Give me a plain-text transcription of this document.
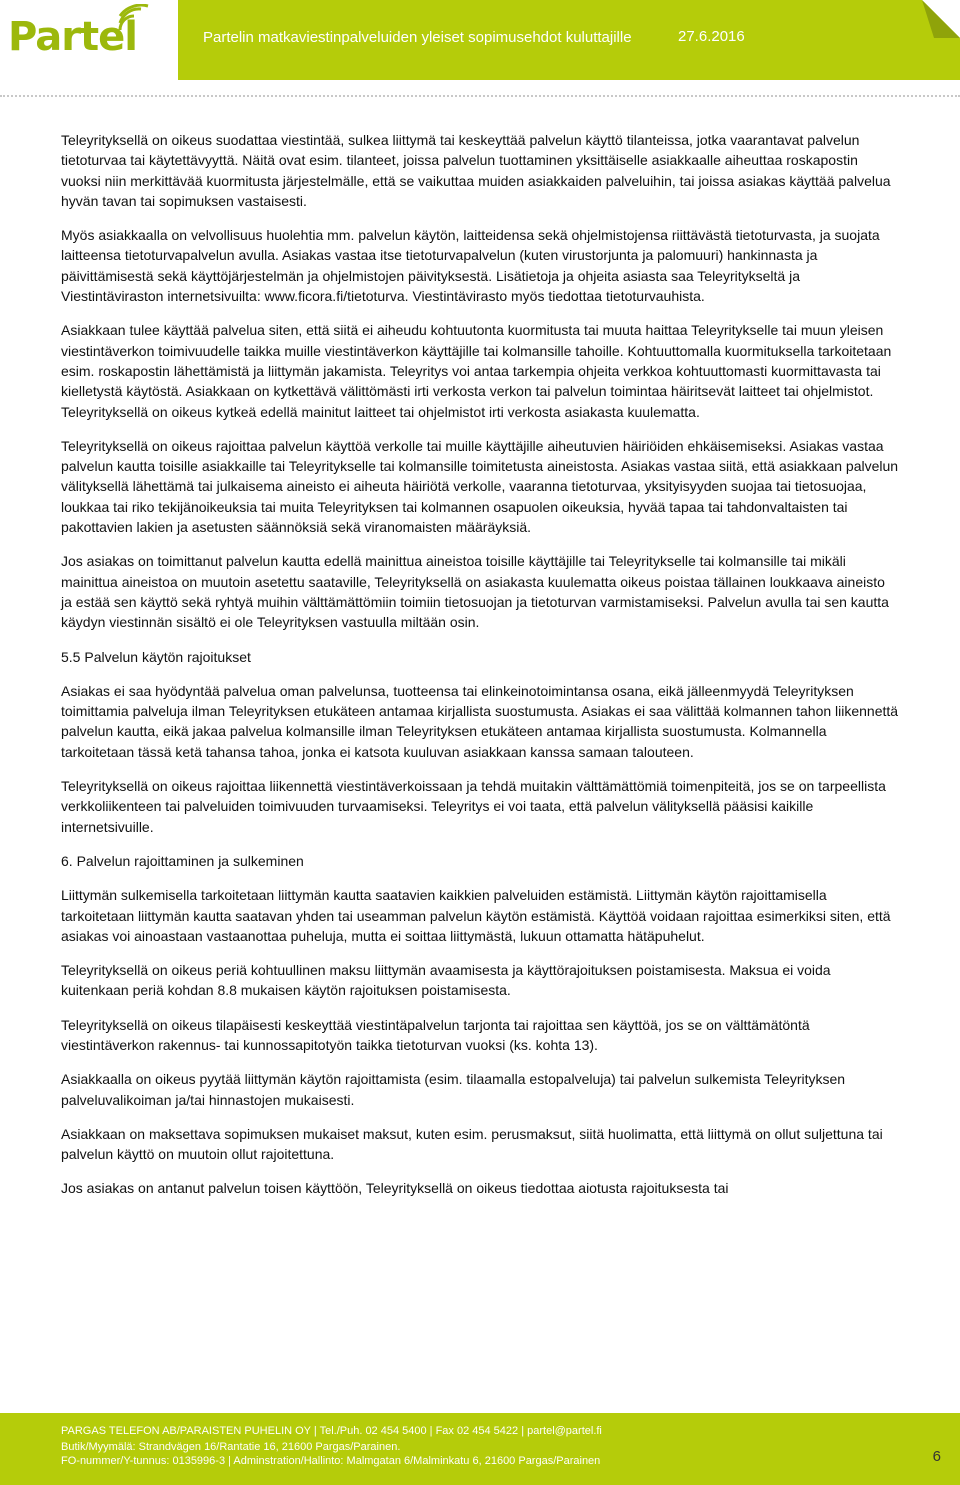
Partel	Partelin matkaviestinpalveluiden yleiset sopimusehdot kuluttajille	27.6.2016

Teleyrityksellä on oikeus suodattaa viestintää, sulkea liittymä tai keskeyttää palvelun käyttö tilanteissa, jotka vaarantavat palvelun tietoturvaa tai käytettävyyttä. Näitä ovat esim. tilanteet, joissa palvelun tuottaminen yksittäiselle asiakkaalle aiheuttaa roskapostin vuoksi niin merkittävää kuormitusta järjestelmälle, että se vaikuttaa muiden asiakkaiden palveluihin, tai joissa asiakas käyttää palvelua hyvän tavan tai sopimuksen vastaisesti.

Myös asiakkaalla on velvollisuus huolehtia mm. palvelun käytön, laitteidensa sekä ohjelmistojensa riittävästä tietoturvasta, ja suojata laitteensa tietoturvapalvelun avulla. Asiakas vastaa itse tietoturvapalvelun (kuten virustorjunta ja palomuuri) hankinnasta ja päivittämisestä sekä käyttöjärjestelmän ja ohjelmistojen päivityksestä. Lisätietoja ja ohjeita asiasta saa Teleyritykseltä ja Viestintäviraston internetsivuilta: www.ficora.fi/tietoturva. Viestintävirasto myös tiedottaa tietoturvauhista.

Asiakkaan tulee käyttää palvelua siten, että siitä ei aiheudu kohtuutonta kuormitusta tai muuta haittaa Teleyritykselle tai muun yleisen viestintäverkon toimivuudelle taikka muille viestintäverkon käyttäjille tai kolmansille tahoille. Kohtuuttomalla kuormituksella tarkoitetaan esim. roskapostin lähettämistä ja liittymän jakamista. Teleyritys voi antaa tarkempia ohjeita verkkoa kohtuuttomasti kuormittavasta tai kielletystä käytöstä. Asiakkaan on kytkettävä välittömästi irti verkosta verkon tai palvelun toimintaa häiritsevät laitteet tai ohjelmistot. Teleyrityksellä on oikeus kytkeä edellä mainitut laitteet tai ohjelmistot irti verkosta asiakasta kuulematta.

Teleyrityksellä on oikeus rajoittaa palvelun käyttöä verkolle tai muille käyttäjille aiheutuvien häiriöiden ehkäisemiseksi. Asiakas vastaa palvelun kautta toisille asiakkaille tai Teleyritykselle tai kolmansille toimitetusta aineistosta. Asiakas vastaa siitä, että asiakkaan palvelun välityksellä lähettämä tai julkaisema aineisto ei aiheuta häiriötä verkolle, vaaranna tietoturvaa, yksityisyyden suojaa tai tietosuojaa, loukkaa tai riko tekijänoikeuksia tai muita Teleyrityksen tai kolmannen osapuolen oikeuksia, hyvää tapaa tai tahdonvaltaisten tai pakottavien lakien ja asetusten säännöksiä sekä viranomaisten määräyksiä.

Jos asiakas on toimittanut palvelun kautta edellä mainittua aineistoa toisille käyttäjille tai Teleyritykselle tai kolmansille tai mikäli mainittua aineistoa on muutoin asetettu saataville, Teleyrityksellä on asiakasta kuulematta oikeus poistaa tällainen loukkaava aineisto ja estää sen käyttö sekä ryhtyä muihin välttämättömiin toimiin tietosuojan ja tietoturvan varmistamiseksi. Palvelun avulla tai sen kautta käydyn viestinnän sisältö ei ole Teleyrityksen vastuulla miltään osin.

5.5 Palvelun käytön rajoitukset

Asiakas ei saa hyödyntää palvelua oman palvelunsa, tuotteensa tai elinkeinotoimintansa osana, eikä jälleenmyydä Teleyrityksen toimittamia palveluja ilman Teleyrityksen etukäteen antamaa kirjallista suostumusta. Asiakas ei saa välittää kolmannen tahon liikennettä palvelun kautta, eikä jakaa palvelua kolmansille ilman Teleyrityksen etukäteen antamaa kirjallista suostumusta. Kolmannella tarkoitetaan tässä ketä tahansa tahoa, jonka ei katsota kuuluvan asiakkaan kanssa samaan talouteen.

Teleyrityksellä on oikeus rajoittaa liikennettä viestintäverkoissaan ja tehdä muitakin välttämättömiä toimenpiteitä, jos se on tarpeellista verkkoliikenteen tai palveluiden toimivuuden turvaamiseksi. Teleyritys ei voi taata, että palvelun välityksellä pääsisi kaikille internetsivuille.

6. Palvelun rajoittaminen ja sulkeminen

Liittymän sulkemisella tarkoitetaan liittymän kautta saatavien kaikkien palveluiden estämistä. Liittymän käytön rajoittamisella tarkoitetaan liittymän kautta saatavan yhden tai useamman palvelun käytön estämistä. Käyttöä voidaan rajoittaa esimerkiksi siten, että asiakas voi ainoastaan vastaanottaa puheluja, mutta ei soittaa liittymästä, lukuun ottamatta hätäpuhelut.

Teleyrityksellä on oikeus periä kohtuullinen maksu liittymän avaamisesta ja käyttörajoituksen poistamisesta. Maksua ei voida kuitenkaan periä kohdan 8.8 mukaisen käytön rajoituksen poistamisesta.

Teleyrityksellä on oikeus tilapäisesti keskeyttää viestintäpalvelun tarjonta tai rajoittaa sen käyttöä, jos se on välttämätöntä viestintäverkon rakennus- tai kunnossapitotyön taikka tietoturvan vuoksi (ks. kohta 13).

Asiakkaalla on oikeus pyytää liittymän käytön rajoittamista (esim. tilaamalla estopalveluja) tai palvelun sulkemista Teleyrityksen palveluvalikoiman ja/tai hinnastojen mukaisesti.

Asiakkaan on maksettava sopimuksen mukaiset maksut, kuten esim. perusmaksut, siitä huolimatta, että liittymä on ollut suljettuna tai palvelun käyttö on muutoin ollut rajoitettuna.

Jos asiakas on antanut palvelun toisen käyttöön, Teleyrityksellä on oikeus tiedottaa aiotusta rajoituksesta tai

PARGAS TELEFON AB/PARAISTEN PUHELIN OY | Tel./Puh. 02 454 5400 | Fax 02 454 5422 | partel@partel.fi
Butik/Myymälä: Strandvägen 16/Rantatie 16, 21600 Pargas/Parainen.
FO-nummer/Y-tunnus: 0135996-3 | Adminstration/Hallinto: Malmgatan 6/Malminkatu 6, 21600 Pargas/Parainen	6
